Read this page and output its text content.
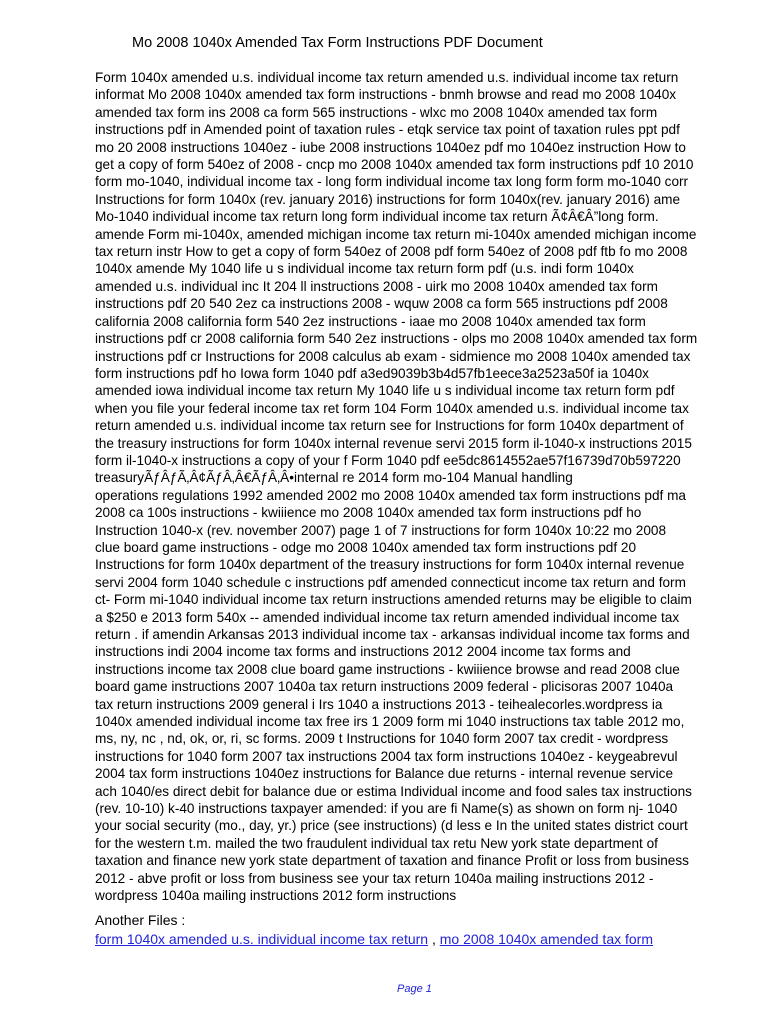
Mo 2008 1040x Amended Tax Form Instructions PDF Document
Form 1040x amended u.s. individual income tax return amended u.s. individual income tax return
informat Mo 2008 1040x amended tax form instructions - bnmh browse and read mo 2008 1040x
amended tax form ins 2008 ca form 565 instructions - wlxc mo 2008 1040x amended tax form
instructions pdf in Amended point of taxation rules - etqk service tax point of taxation rules ppt pdf
mo 20 2008 instructions 1040ez - iube 2008 instructions 1040ez pdf mo 1040ez instruction How to
get a copy of form 540ez of 2008 - cncp mo 2008 1040x amended tax form instructions pdf 10 2010
form mo-1040, individual income tax - long form individual income tax long form form mo-1040 corr
Instructions for form 1040x (rev. january 2016) instructions for form 1040x(rev. january 2016) ame
Mo-1040 individual income tax return long form individual income tax return Ã¢Â€Â”long form.
amende Form mi-1040x, amended michigan income tax return mi-1040x amended michigan income
tax return instr How to get a copy of form 540ez of 2008 pdf form 540ez of 2008 pdf ftb fo mo 2008
1040x amende My 1040 life u s individual income tax return form pdf (u.s. indi form 1040x
amended u.s. individual inc It 204 ll instructions 2008 - uirk mo 2008 1040x amended tax form
instructions pdf 20 540 2ez ca instructions 2008 - wquw 2008 ca form 565 instructions pdf 2008
california 2008 california form 540 2ez instructions - iaae mo 2008 1040x amended tax form
instructions pdf cr 2008 california form 540 2ez instructions - olps mo 2008 1040x amended tax form
instructions pdf cr Instructions for 2008 calculus ab exam - sidmience mo 2008 1040x amended tax
form instructions pdf ho Iowa form 1040 pdf a3ed9039b3b4d57fb1eece3a2523a50f ia 1040x
amended iowa individual income tax return My 1040 life u s individual income tax return form pdf
when you file your federal income tax ret form 104 Form 1040x amended u.s. individual income tax
return amended u.s. individual income tax return see for Instructions for form 1040x department of
the treasury instructions for form 1040x internal revenue servi 2015 form il-1040-x instructions 2015
form il-1040-x instructions a copy of your f Form 1040 pdf ee5dc8614552ae57f16739d70b597220
treasuryÃƒÂƒÃ‚Â¢ÃƒÂ‚Â€ÃƒÂ‚Â•internal re 2014 form mo-104 Manual handling
operations regulations 1992 amended 2002 mo 2008 1040x amended tax form instructions pdf ma
2008 ca 100s instructions - kwiiience mo 2008 1040x amended tax form instructions pdf ho
Instruction 1040-x (rev. november 2007) page 1 of 7 instructions for form 1040x 10:22 mo 2008
clue board game instructions - odge mo 2008 1040x amended tax form instructions pdf 20
Instructions for form 1040x department of the treasury instructions for form 1040x internal revenue
servi 2004 form 1040 schedule c instructions pdf amended connecticut income tax return and form
ct- Form mi-1040 individual income tax return instructions amended returns may be eligible to claim
a $250 e 2013 form 540x -- amended individual income tax return amended individual income tax
return . if amendin Arkansas 2013 individual income tax - arkansas individual income tax forms and
instructions indi 2004 income tax forms and instructions 2012 2004 income tax forms and
instructions income tax 2008 clue board game instructions - kwiiience browse and read 2008 clue
board game instructions 2007 1040a tax return instructions 2009 federal - plicisoras 2007 1040a
tax return instructions 2009 general i Irs 1040 a instructions 2013 - teihealecorles.wordpress ia
1040x amended individual income tax free irs 1 2009 form mi 1040 instructions tax table 2012 mo,
ms, ny, nc , nd, ok, or, ri, sc forms. 2009 t Instructions for 1040 form 2007 tax credit - wordpress
instructions for 1040 form 2007 tax instructions 2004 tax form instructions 1040ez - keygeabrevul
2004 tax form instructions 1040ez instructions for Balance due returns - internal revenue service
ach 1040/es direct debit for balance due or estima Individual income and food sales tax instructions
(rev. 10-10) k-40 instructions taxpayer amended: if you are fi Name(s) as shown on form nj- 1040
your social security (mo., day, yr.) price (see instructions) (d less e In the united states district court
for the western t.m. mailed the two fraudulent individual tax retu New york state department of
taxation and finance new york state department of taxation and finance Profit or loss from business
2012 - abve profit or loss from business see your tax return 1040a mailing instructions 2012 -
wordpress 1040a mailing instructions 2012 form instructions
Another Files :
form 1040x amended u.s. individual income tax return , mo 2008 1040x amended tax form
Page 1
